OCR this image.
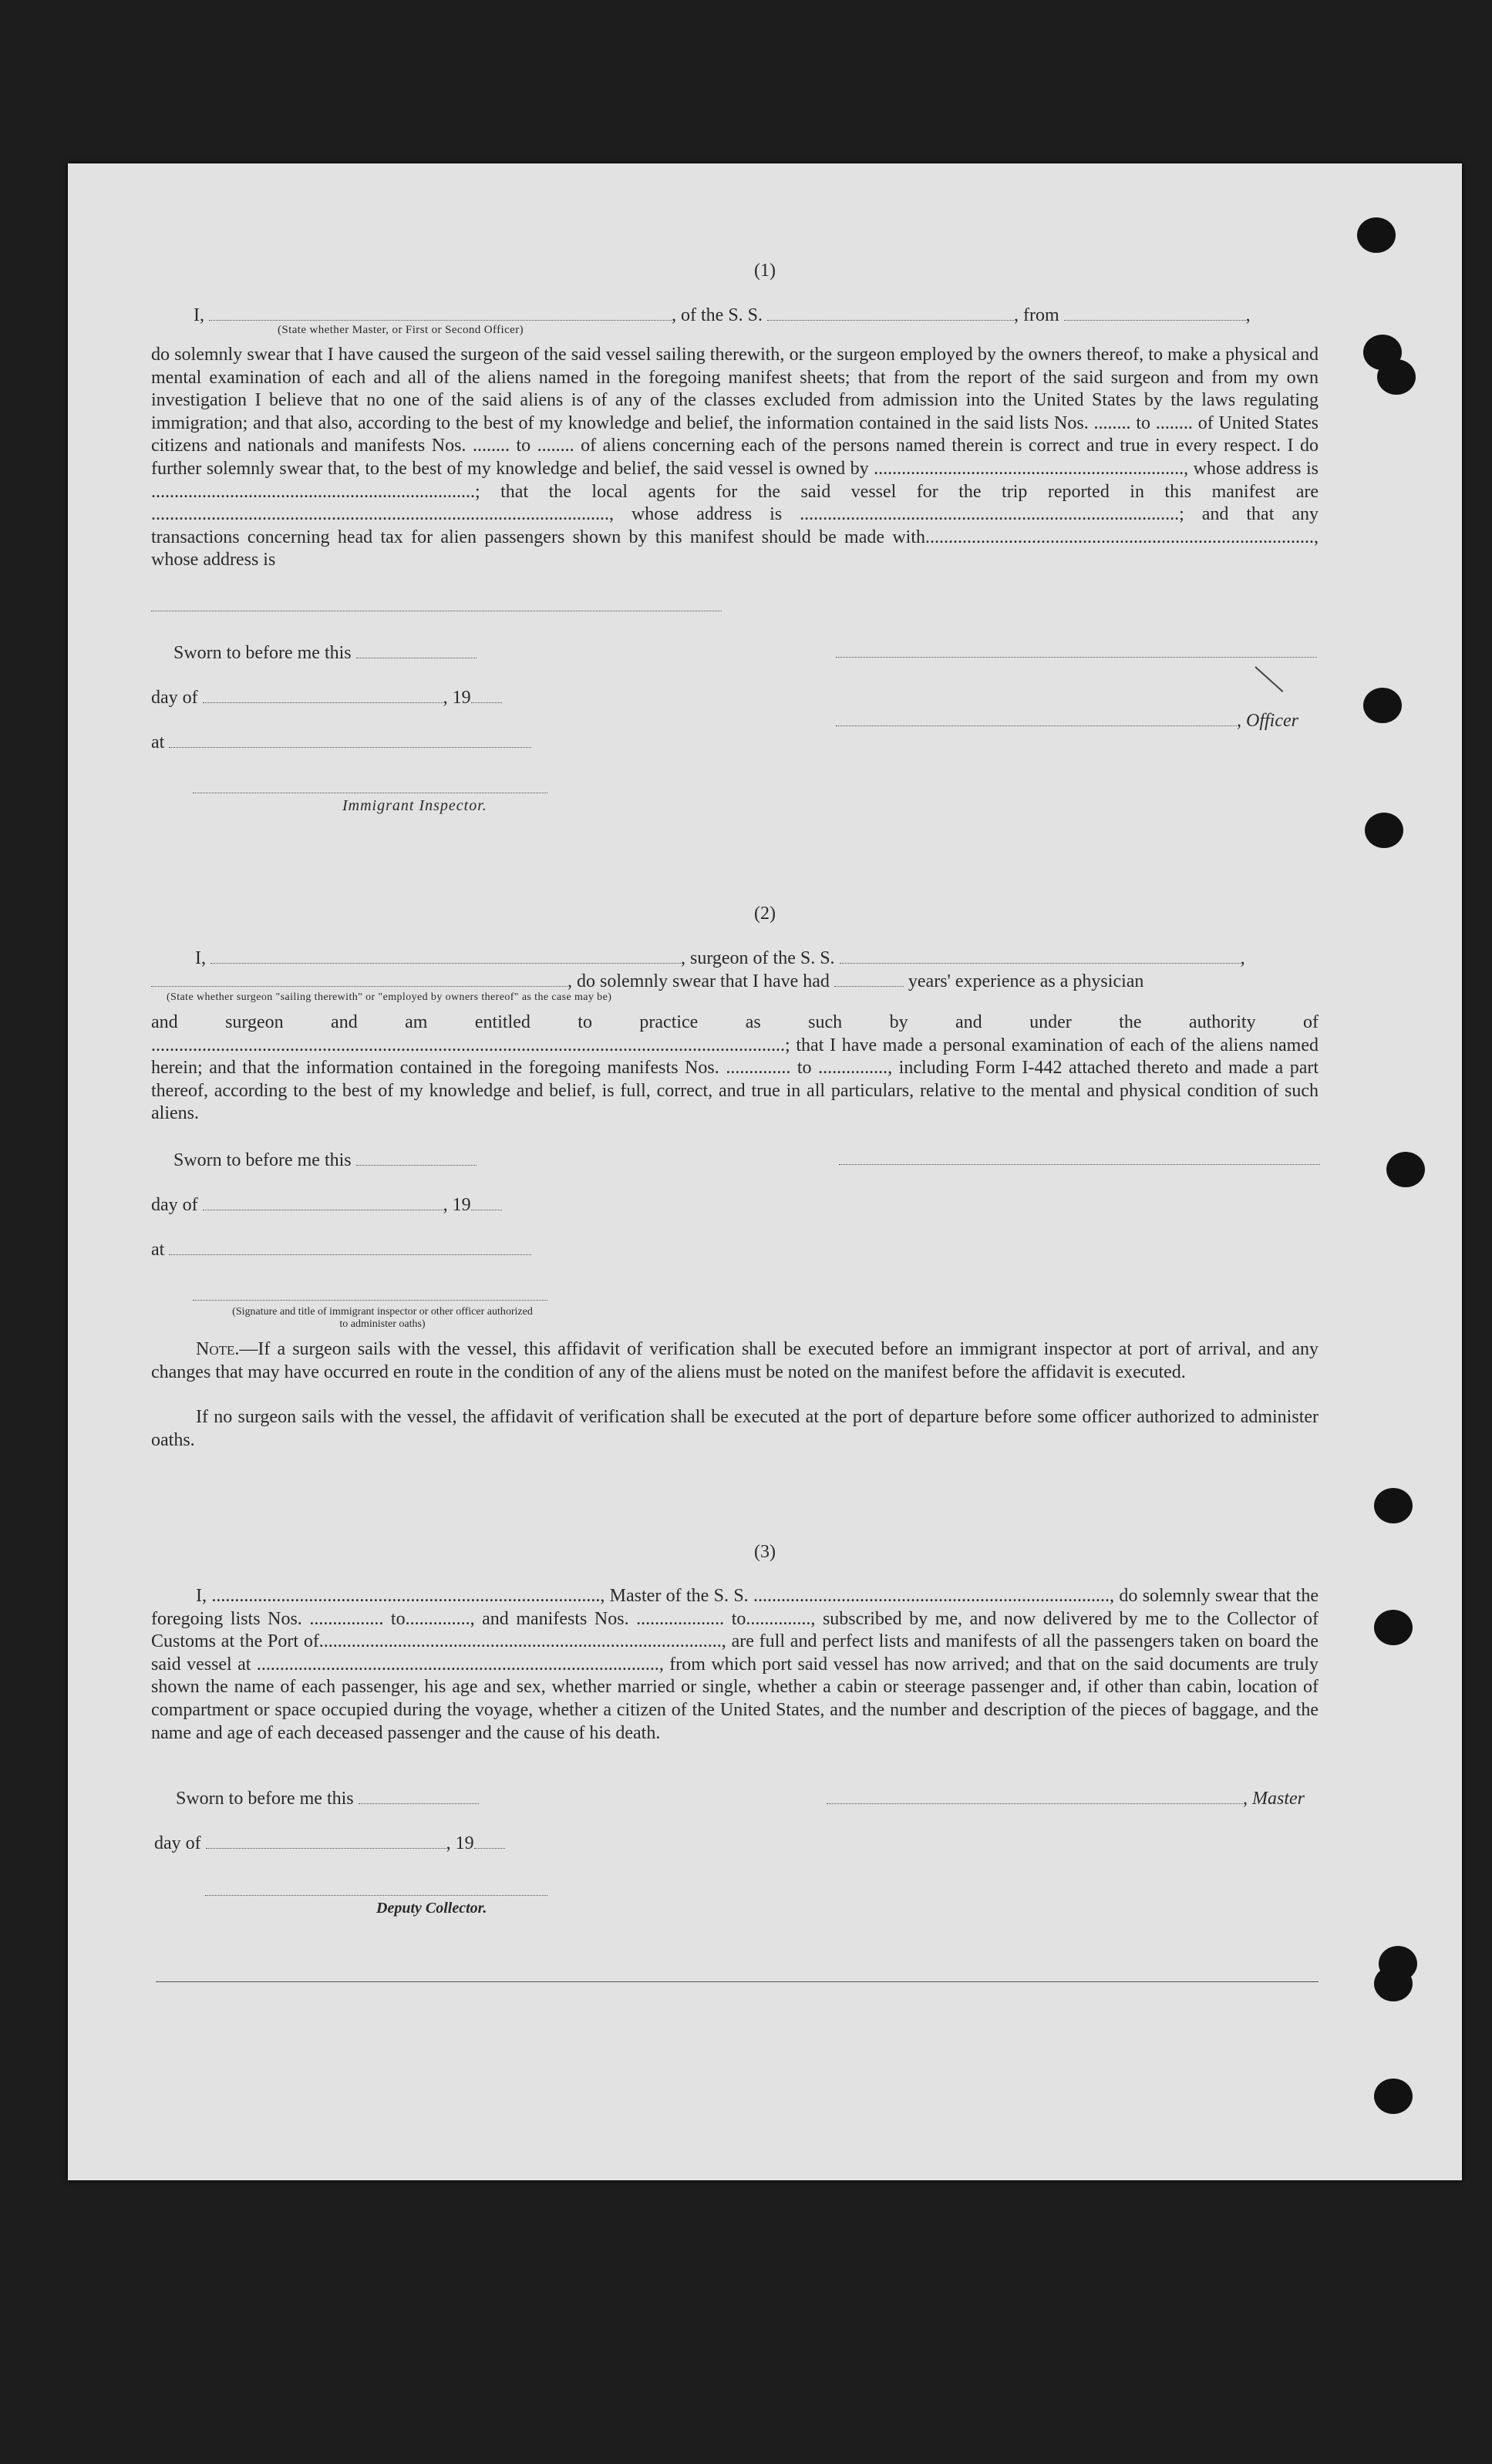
(1)
I,	, of the S. S.	, from	,
(State whether Master, or First or Second Officer)
do solemnly swear that I have caused the surgeon of the said vessel sailing therewith, or the surgeon employed by the owners thereof, to make a physical and mental examination of each and all of the aliens named in the foregoing manifest sheets; that from the report of the said surgeon and from my own investigation I believe that no one of the said aliens is of any of the classes excluded from admission into the United States by the laws regulating immigration; and that also, according to the best of my knowledge and belief, the information contained in the said lists Nos. ........ to ........ of United States citizens and nationals and manifests Nos. ........ to ........ of aliens concerning each of the persons named therein is correct and true in every respect. I do further solemnly swear that, to the best of my knowledge and belief, the said vessel is owned by ..................................................................., whose address is ......................................................................; that the local agents for the said vessel for the trip reported in this manifest are ..................................................................................................., whose address is ..................................................................................; and that any transactions concerning head tax for alien passengers shown by this manifest should be made with...................................................................................., whose address is
Sworn to before me this
day of	, 19
, Officer
at
Immigrant Inspector.
(2)
I,	, surgeon of the S. S.	,
, do solemnly swear that I have had	years' experience as a physician
(State whether surgeon "sailing therewith" or "employed by owners thereof" as the case may be)
and surgeon and am entitled to practice as such by and under the authority of .........................................................................................................................................; that I have made a personal examination of each of the aliens named herein; and that the information contained in the foregoing manifests Nos. .............. to ..............., including Form I-442 attached thereto and made a part thereof, according to the best of my knowledge and belief, is full, correct, and true in all particulars, relative to the mental and physical condition of such aliens.
Sworn to before me this
day of	, 19
at
(Signature and title of immigrant inspector or other officer authorized to administer oaths)
Note.—If a surgeon sails with the vessel, this affidavit of verification shall be executed before an immigrant inspector at port of arrival, and any changes that may have occurred en route in the condition of any of the aliens must be noted on the manifest before the affidavit is executed.
If no surgeon sails with the vessel, the affidavit of verification shall be executed at the port of departure before some officer authorized to administer oaths.
(3)
I, ...................................................................................., Master of the S. S. ............................................................................., do solemnly swear that the foregoing lists Nos. ................ to.............., and manifests Nos. ................... to.............., subscribed by me, and now delivered by me to the Collector of Customs at the Port of......................................................................................., are full and perfect lists and manifests of all the passengers taken on board the said vessel at ......................................................................................., from which port said vessel has now arrived; and that on the said documents are truly shown the name of each passenger, his age and sex, whether married or single, whether a cabin or steerage passenger and, if other than cabin, location of compartment or space occupied during the voyage, whether a citizen of the United States, and the number and description of the pieces of baggage, and the name and age of each deceased passenger and the cause of his death.
Sworn to before me this	, Master
day of	, 19
Deputy Collector.
